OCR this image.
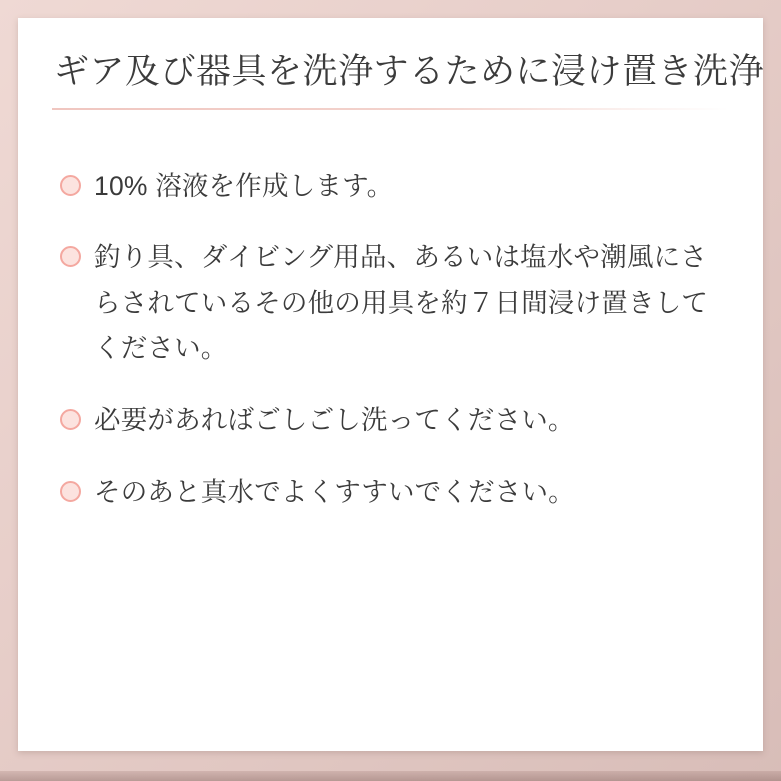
ギア及び器具を洗浄するために浸け置き洗浄
10% 溶液を作成します。
釣り具、ダイビング用品、あるいは塩水や潮風にさらされているその他の用具を約７日間浸け置きしてください。
必要があればごしごし洗ってください。
そのあと真水でよくすすいでください。
